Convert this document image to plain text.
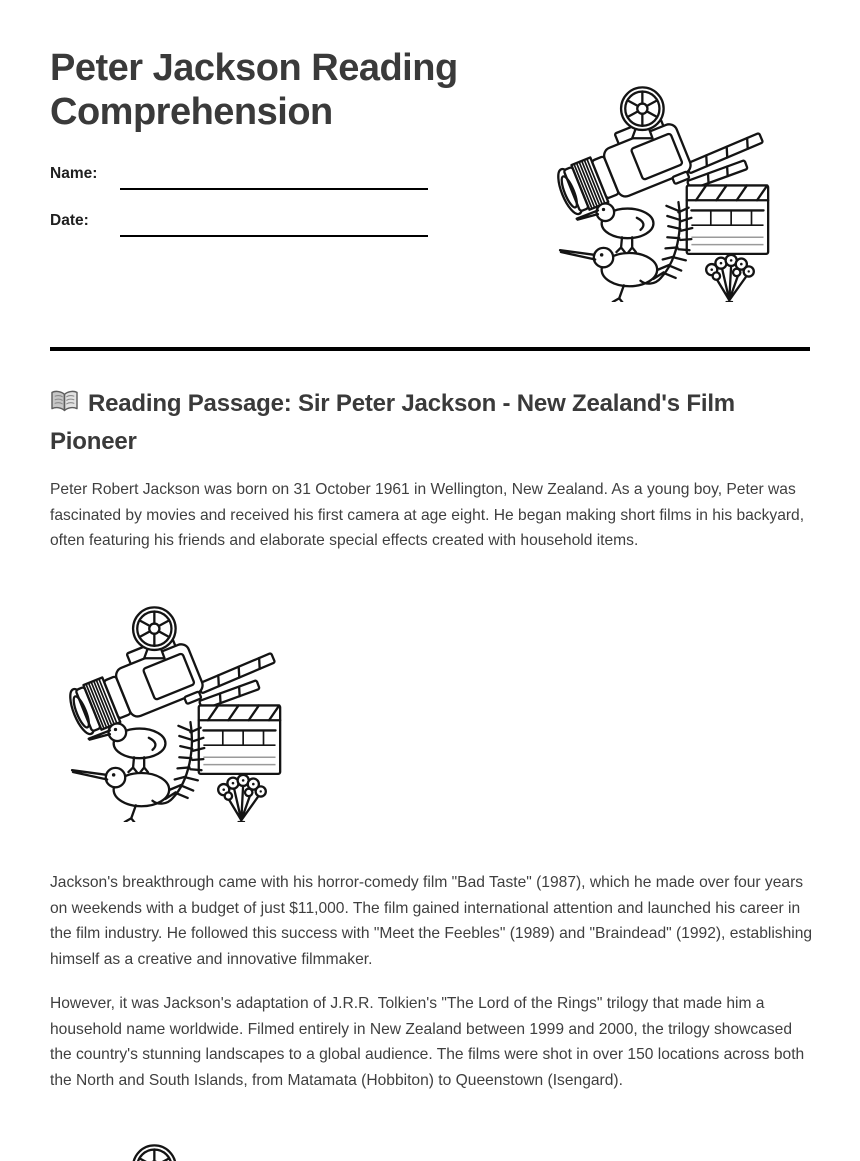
Peter Jackson Reading Comprehension
Name:
Date:
Reading Passage: Sir Peter Jackson - New Zealand's Film Pioneer

Peter Robert Jackson was born on 31 October 1961 in Wellington, New Zealand. As a young boy, Peter was fascinated by movies and received his first camera at age eight. He began making short films in his backyard, often featuring his friends and elaborate special effects created with household items.

Jackson's breakthrough came with his horror-comedy film "Bad Taste" (1987), which he made over four years on weekends with a budget of just $11,000. The film gained international attention and launched his career in the film industry. He followed this success with "Meet the Feebles" (1989) and "Braindead" (1992), establishing himself as a creative and innovative filmmaker.

However, it was Jackson's adaptation of J.R.R. Tolkien's "The Lord of the Rings" trilogy that made him a household name worldwide. Filmed entirely in New Zealand between 1999 and 2000, the trilogy showcased the country's stunning landscapes to a global audience. The films were shot in over 150 locations across both the North and South Islands, from Matamata (Hobbiton) to Queenstown (Isengard).
